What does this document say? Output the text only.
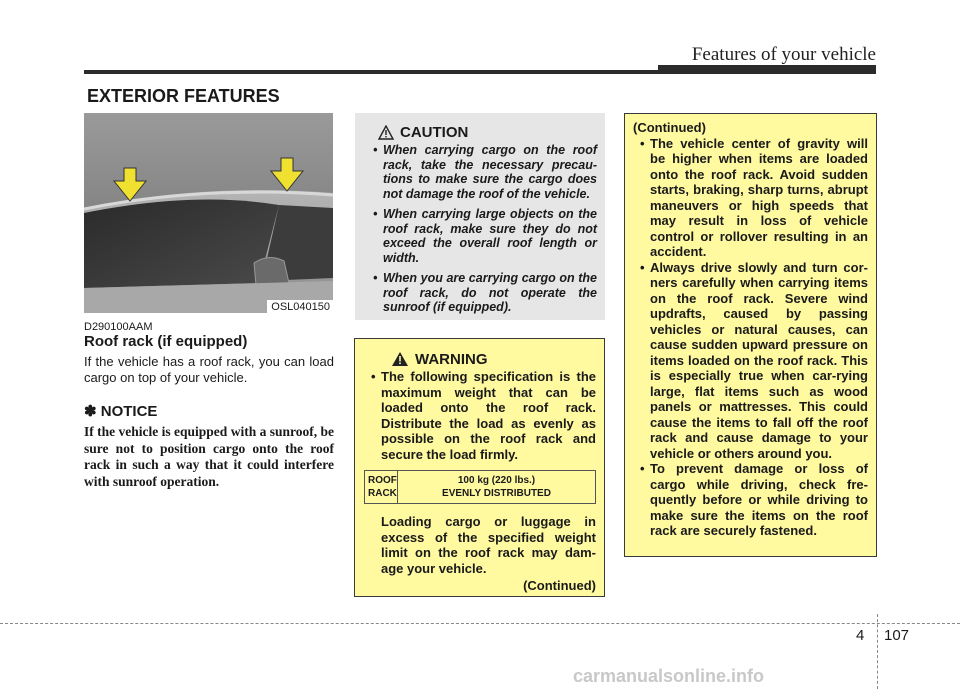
Features of your vehicle
EXTERIOR FEATURES
OSL040150
D290100AAM
Roof rack (if equipped)
If the vehicle has a roof rack, you can load cargo on top of your vehicle.
✽ NOTICE
If the vehicle is equipped with a sunroof, be sure not to position cargo onto the roof rack in such a way that it could interfere with sunroof operation.
CAUTION
• When carrying cargo on the roof rack, take the necessary precau-tions to make sure the cargo does not damage the roof of the vehicle.
• When carrying large objects on the roof rack, make sure they do not exceed the overall roof length or width.
• When you are carrying cargo on the roof rack, do not operate the sunroof (if equipped).
WARNING
• The following specification is the maximum weight that can be loaded onto the roof rack. Distribute the load as evenly as possible on the roof rack and secure the load firmly.
ROOF
RACK
100 kg (220 lbs.)
EVENLY DISTRIBUTED
Loading cargo or luggage in excess of the specified weight limit on the roof rack may dam-age your vehicle.
(Continued)
(Continued)
• The vehicle center of gravity will be higher when items are loaded onto the roof rack. Avoid sudden starts, braking, sharp turns, abrupt maneuvers or high speeds that may result in loss of vehicle control or rollover resulting in an accident.
• Always drive slowly and turn cor-ners carefully when carrying items on the roof rack. Severe wind updrafts, caused by passing vehicles or natural causes, can cause sudden upward pressure on items loaded on the roof rack. This is especially true when car-rying large, flat items such as wood panels or mattresses. This could cause the items to fall off the roof rack and cause damage to your vehicle or others around you.
• To prevent damage or loss of cargo while driving, check fre-quently before or while driving to make sure the items on the roof rack are securely fastened.
4 107
carmanualsonline.info
